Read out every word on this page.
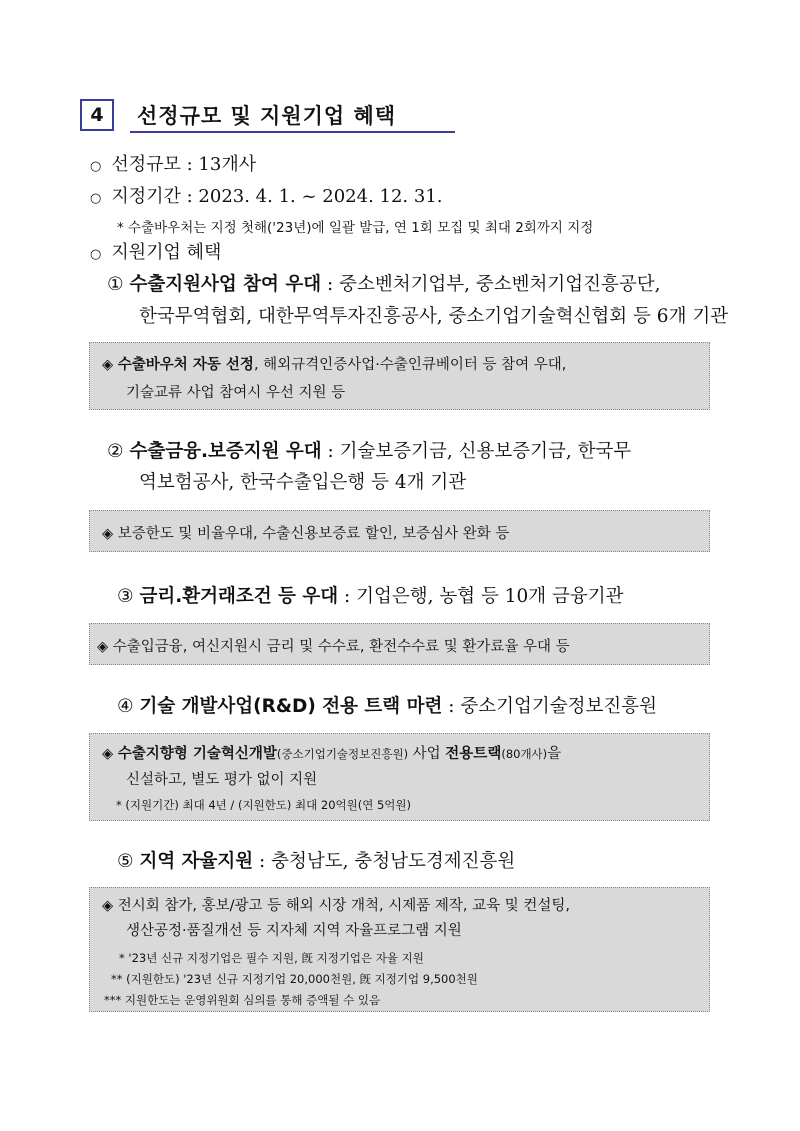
4 선정규모 및 지원기업 혜택
○ 선정규모 : 13개사
○ 지정기간 : 2023. 4. 1. ~ 2024. 12. 31.
* 수출바우처는 지정 첫해('23년)에 일괄 발급, 연 1회 모집 및 최대 2회까지 지정
○ 지원기업 혜택
① 수출지원사업 참여 우대 : 중소벤처기업부, 중소벤처기업진흥공단,
한국무역협회, 대한무역투자진흥공사, 중소기업기술혁신협회 등 6개 기관
◈ 수출바우처 자동 선정, 해외규격인증사업·수출인큐베이터 등 참여 우대,
기술교류 사업 참여시 우선 지원 등
② 수출금융.보증지원 우대 : 기술보증기금, 신용보증기금, 한국무
역보험공사, 한국수출입은행 등 4개 기관
◈ 보증한도 및 비율우대, 수출신용보증료 할인, 보증심사 완화 등
③ 금리.환거래조건 등 우대 : 기업은행, 농협 등 10개 금융기관
◈ 수출입금융, 여신지원시 금리 및 수수료, 환전수수료 및 환가료율 우대 등
④ 기술 개발사업(R&D) 전용 트랙 마련 : 중소기업기술정보진흥원
◈ 수출지향형 기술혁신개발(중소기업기술정보진흥원) 사업 전용트랙(80개사)을
신설하고, 별도 평가 없이 지원
* (지원기간) 최대 4년 / (지원한도) 최대 20억원(연 5억원)
⑤ 지역 자율지원 : 충청남도, 충청남도경제진흥원
◈ 전시회 참가, 홍보/광고 등 해외 시장 개척, 시제품 제작, 교육 및 컨설팅,
생산공정·품질개선 등 지자체 지역 자율프로그램 지원
* '23년 신규 지정기업은 필수 지원, 旣 지정기업은 자율 지원
** (지원한도) '23년 신규 지정기업 20,000천원, 旣 지정기업 9,500천원
*** 지원한도는 운영위원회 심의를 통해 증액될 수 있음
